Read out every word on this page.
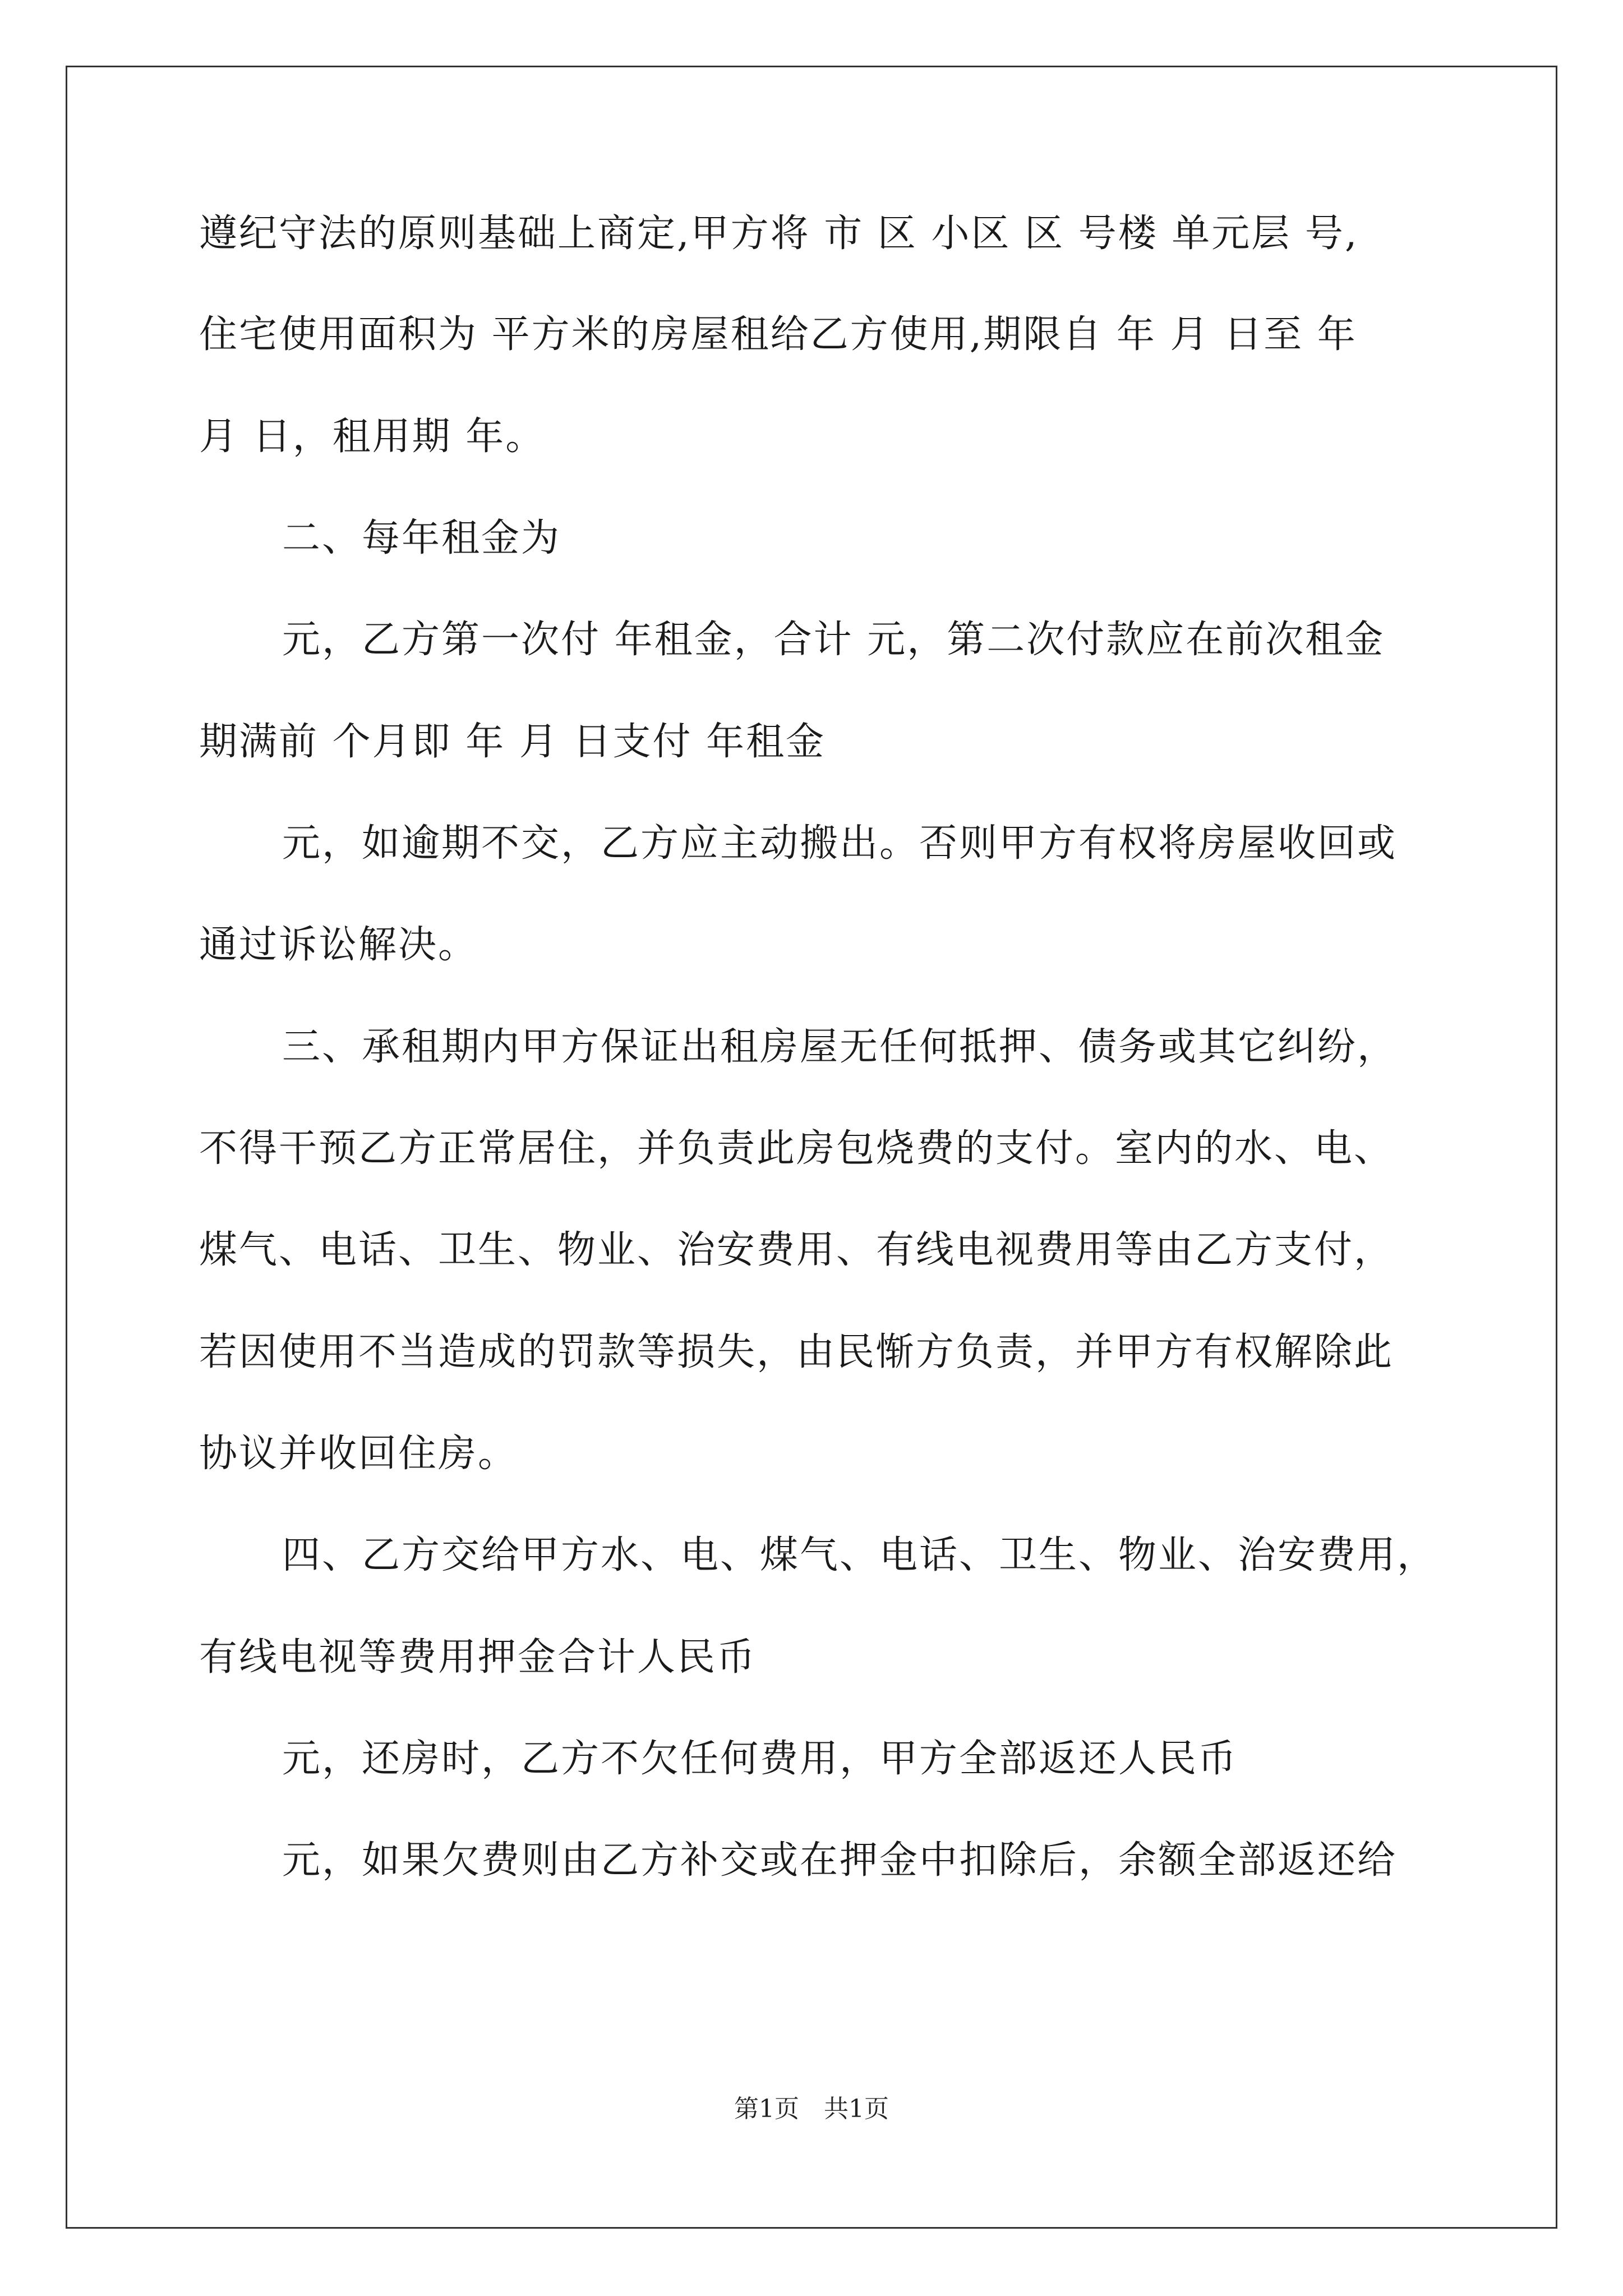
遵纪守法的原则基础上商定,甲方将 市 区 小区 区 号楼 单元层 号,
住宅使用面积为 平方米的房屋租给乙方使用,期限自 年 月 日至 年
月 日，租用期 年。
二、每年租金为
元，乙方第一次付 年租金，合计 元，第二次付款应在前次租金
期满前 个月即 年 月 日支付 年租金
元，如逾期不交，乙方应主动搬出。否则甲方有权将房屋收回或
通过诉讼解决。
三、承租期内甲方保证出租房屋无任何抵押、债务或其它纠纷，
不得干预乙方正常居住，并负责此房包烧费的支付。室内的水、电、
煤气、电话、卫生、物业、治安费用、有线电视费用等由乙方支付，
若因使用不当造成的罚款等损失，由民惭方负责，并甲方有权解除此
协议并收回住房。
四、乙方交给甲方水、电、煤气、电话、卫生、物业、治安费用，
有线电视等费用押金合计人民币
元，还房时，乙方不欠任何费用，甲方全部返还人民币
元，如果欠费则由乙方补交或在押金中扣除后，余额全部返还给
第1页　共1页
